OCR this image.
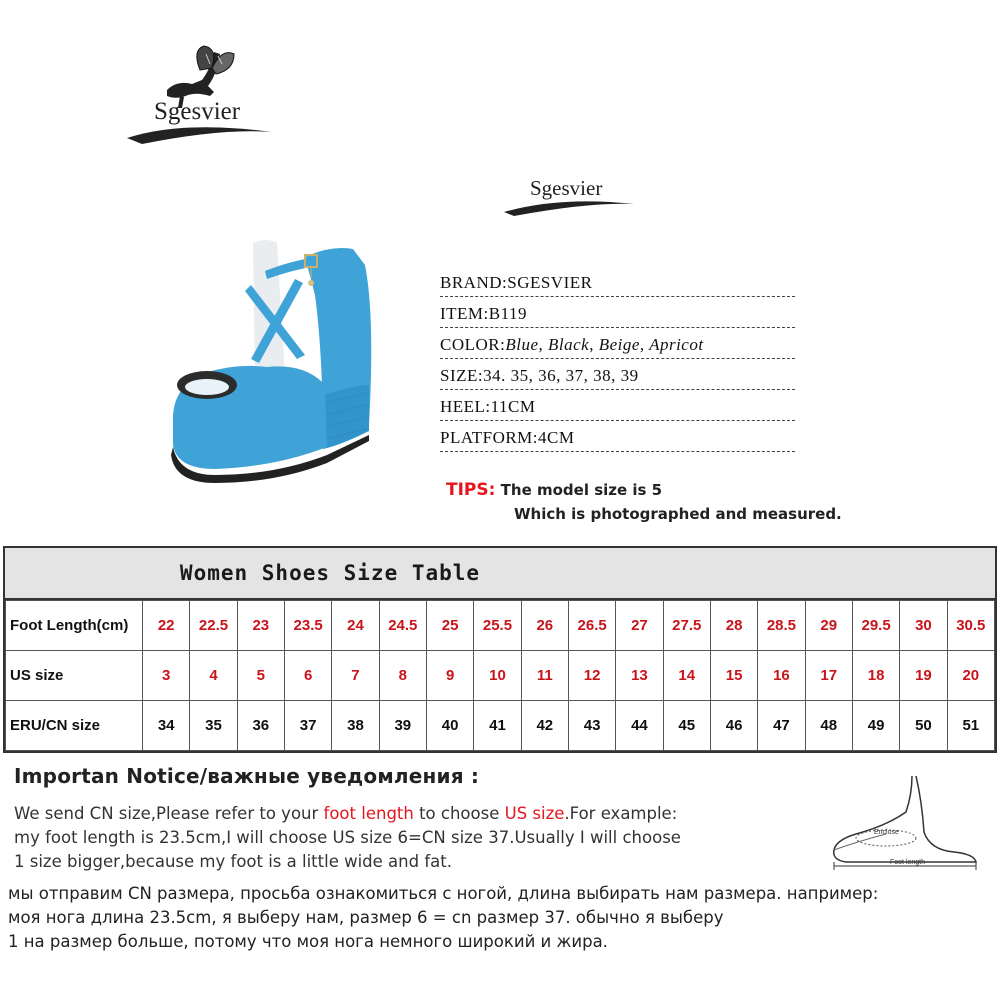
Sgesvier
Sgesvier
BRAND: SGESVIER
ITEM: B119
COLOR: Blue, Black, Beige, Apricot
SIZE: 34. 35, 36, 37, 38, 39
HEEL: 11CM
PLATFORM: 4CM
TIPS: The model size is 5
Which is photographed and measured.
Women Shoes Size Table
Foot Length(cm)	22	22.5	23	23.5	24	24.5	25	25.5	26	26.5	27	27.5	28	28.5	29	29.5	30	30.5
US size	3	4	5	6	7	8	9	10	11	12	13	14	15	16	17	18	19	20
ERU/CN size	34	35	36	37	38	39	40	41	42	43	44	45	46	47	48	49	50	51
Importan Notice/важные уведомления :
We send CN size,Please refer to your foot length to choose US size.For example:
my foot length is 23.5cm,I will choose US size 6=CN size 37.Usually I will choose
1 size bigger,because my foot is a little wide and fat.
мы отправим CN размера, просьба ознакомиться с ногой, длина выбирать нам размера. например:
моя нога длина 23.5cm, я выберу нам, размер 6 = cn размер 37. обычно я выберу
1 на размер больше, потому что моя нога немного широкий и жира.
Enclose
Foot length
